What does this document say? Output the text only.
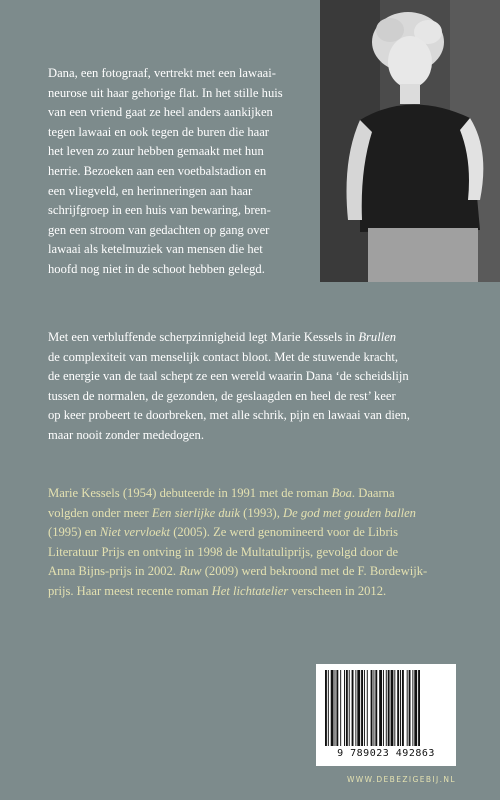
Dana, een fotograaf, vertrekt met een lawaai-
neurose uit haar gehorige flat. In het stille huis
van een vriend gaat ze heel anders aankijken
tegen lawaai en ook tegen de buren die haar
het leven zo zuur hebben gemaakt met hun
herrie. Bezoeken aan een voetbalstadion en
een vliegveld, en herinneringen aan haar
schrijfgroep in een huis van bewaring, bren-
gen een stroom van gedachten op gang over
lawaai als ketelmuziek van mensen die het
hoofd nog niet in de schoot hebben gelegd.
Met een verbluffende scherpzinnigheid legt Marie Kessels in Brullen
de complexiteit van menselijk contact bloot. Met de stuwende kracht,
de energie van de taal schept ze een wereld waarin Dana ‘de scheidslijn
tussen de normalen, de gezonden, de geslaagden en heel de rest’ keer
op keer probeert te doorbreken, met alle schrik, pijn en lawaai van dien,
maar nooit zonder mededogen.
Marie Kessels (1954) debuteerde in 1991 met de roman Boa. Daarna
volgden onder meer Een sierlijke duik (1993), De god met gouden ballen
(1995) en Niet vervloekt (2005). Ze werd genomineerd voor de Libris
Literatuur Prijs en ontving in 1998 de Multatuliprijs, gevolgd door de
Anna Bijns-prijs in 2002. Ruw (2009) werd bekroond met de F. Bordewijk-
prijs. Haar meest recente roman Het lichtatelier verscheen in 2012.
9 789023 492863
WWW.DEBEZIGEBIJ.NL
